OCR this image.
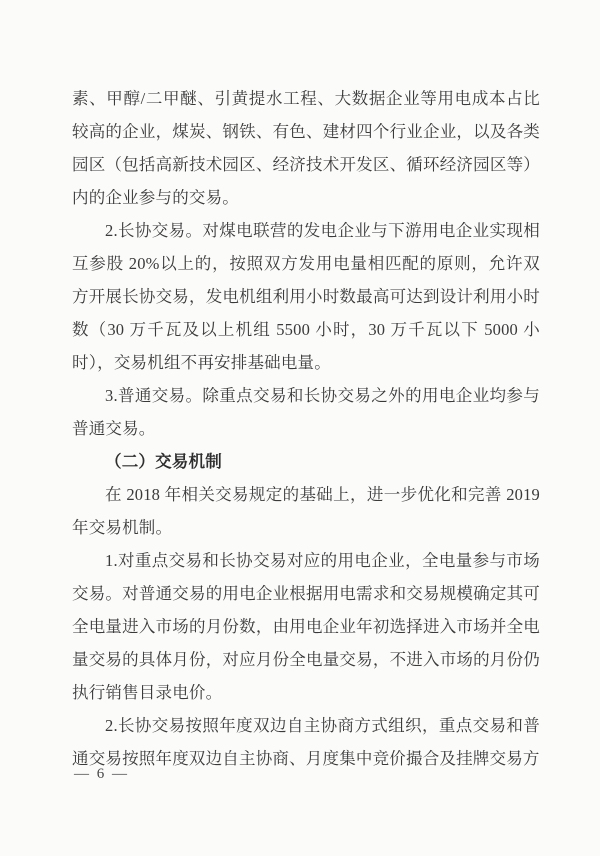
素、甲醇/二甲醚、引黄提水工程、大数据企业等用电成本占比较高的企业，煤炭、钢铁、有色、建材四个行业企业，以及各类园区（包括高新技术园区、经济技术开发区、循环经济园区等）内的企业参与的交易。

2.长协交易。对煤电联营的发电企业与下游用电企业实现相互参股 20%以上的，按照双方发用电量相匹配的原则，允许双方开展长协交易，发电机组利用小时数最高可达到设计利用小时数（30 万千瓦及以上机组 5500 小时，30 万千瓦以下 5000 小时），交易机组不再安排基础电量。

3.普通交易。除重点交易和长协交易之外的用电企业均参与普通交易。

（二）交易机制

在 2018 年相关交易规定的基础上，进一步优化和完善 2019 年交易机制。

1.对重点交易和长协交易对应的用电企业，全电量参与市场交易。对普通交易的用电企业根据用电需求和交易规模确定其可全电量进入市场的月份数，由用电企业年初选择进入市场并全电量交易的具体月份，对应月份全电量交易，不进入市场的月份仍执行销售目录电价。

2.长协交易按照年度双边自主协商方式组织，重点交易和普通交易按照年度双边自主协商、月度集中竞价撮合及挂牌交易方

— 6 —
